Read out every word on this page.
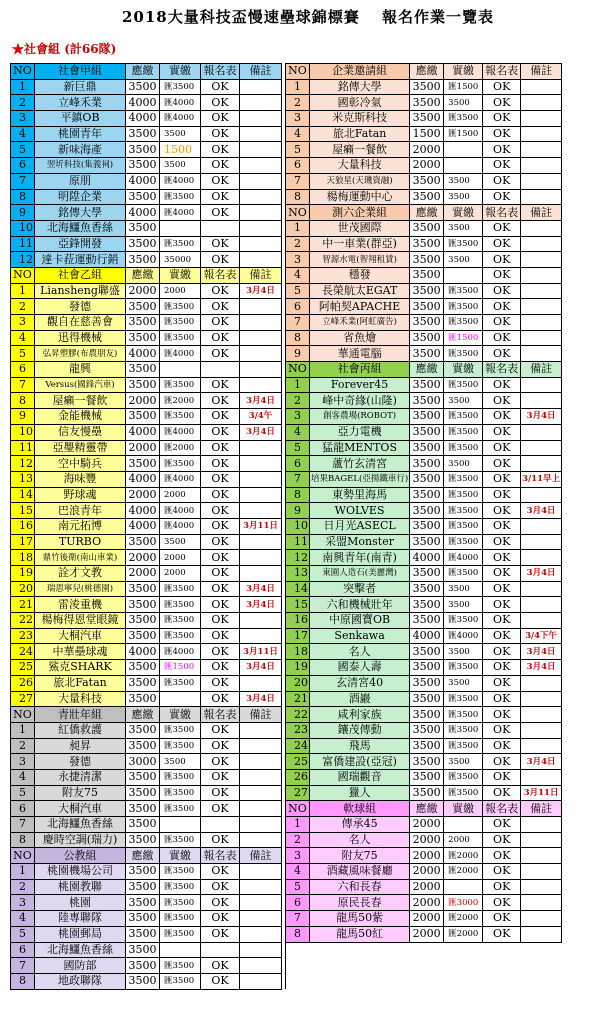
2018大量科技盃慢速壘球錦標賽　 報名作業一覽表
★社會組 (計66隊)
NO	社會甲組	應繳	實繳	報名表	備註		NO	企業邀請組	應繳	實繳	報名表	備註
1	新巨鼎	3500	匯3500	OK			1	銘傳大學	3500	匯1500	OK	
2	立峰禾業	4000	匯4000	OK			2	國彰冷氣	3500	3500	OK	
3	平鎮OB	4000	匯4000	OK			3	米克斯科技	3500	匯3500	OK	
4	桃園青年	3500	3500	OK			4	旅北Fatan	1500	匯1500	OK	
5	新味海產	3500	1500	OK			5	屋癩一餐飲	2000		OK	
6	翌圻科技(集義祠)	3500	3500	OK			6	大量科技	2000		OK	
7	原朋	4000	匯4000	OK			7	天狼星(天璣資融)	3500	3500	OK	
8	明陞企業	3500	匯3500	OK			8	楊梅運動中心	3500	3500	OK	
9	銘傳大學	4000	匯4000	OK			NO	測六企業組	應繳	實繳	報名表	備註
10	北海鱷魚香絲	3500					1	世茂國際	3500	3500	OK	
11	亞鋒開發	3500	匯3500	OK			2	中一車業(群亞)	3500	匯3500	OK	
12	達卡菈運動行銷	3500	35000	OK			3	智源水電(智翔租賃)	3500	3500	OK	
NO	社會乙組	應繳	實繳	報名表	備註		4	穩發	3500		OK	
1	Liansheng聯盛	2000	2000	OK	3月4日		5	長榮航太EGAT	3500	匯3500	OK	
2	發德	3500	匯3500	OK			6	阿帕契APACHE	3500	匯3500	OK	
3	觀自在慈善會	3500	匯3500	OK			7	立峰禾業(阿虹廣告)	3500	匯3500	OK	
4	迅得機械	3500	匯3500	OK			8	省魚燴	3500	匯1500	OK	
5	弘昇塑膠(布農朋友)	4000	匯4000	OK			9	華通電腦	3500	匯3500	OK	
6	龍興	3500					NO	社會丙組	應繳	實繳	報名表	備註
7	Versus(國鋒汽車)	3500	匯3500	OK			1	Forever45	3500	匯3500	OK	
8	屋癩一餐飲	2000	匯2000	OK	3月4日		2	峰中奇緣(山隆)	3500	3500	OK	
9	金能機械	3500	匯3500	OK	3/4午		3	創客農場(ROBOT)	3500	匯3500	OK	3月4日
10	信友慢壘	4000	匯4000	OK	3月4日		4	亞力電機	3500	匯3500	OK	
11	亞璺精靈帶	2000	匯2000	OK			5	猛龍MENTOS	3500	匯3500	OK	
12	空中騎兵	3500	匯3500	OK			6	蘆竹玄清宮	3500	3500	OK	
13	海味豐	4000	匯4000	OK			7	培果BAGEL(亞揚鐵車行)	3500	匯3500	OK	3/11早上
14	野球魂	2000	2000	OK			8	東勢里海馬	3500	匯3500	OK	
15	巴浪青年	4000	匯4000	OK			9	WOLVES	3500	匯3500	OK	3月4日
16	南元拓博	4000	匯4000	OK	3月11日		10	日月光ASECL	3500	匯3500	OK	
17	TURBO	3500	3500	OK			11	采盟Monster	3500	匯3500	OK	
18	鼎竹後衛(南山車業)	2000	2000	OK			12	南興青年(南青)	4000	匯4000	OK	
19	詮才文教	2000	2000	OK			13	東園人造石(美麗灣)	3500	匯3500	OK	3月4日
20	瑞恩寧兒(桃德園)	3500	匯3500	OK	3月4日		14	突擊者	3500	3500	OK	
21	雷淩重機	3500	匯3500	OK	3月4日		15	六和機械壯年	3500	3500	OK	
22	楊梅得恩堂眼鏡	3500	匯3500	OK			16	中原國寶OB	3500	匯3500	OK	
23	大桐汽車	3500	匯3500	OK			17	Senkawa	4000	匯4000	OK	3/4下午
24	中華壘球魂	4000	匯4000	OK	3月11日		18	名人	3500	3500	OK	3月4日
25	鯊克SHARK	3500	匯1500	OK	3月4日		19	國泰人壽	3500	匯3500	OK	3月4日
26	旅北Fatan	3500	匯3500	OK			20	玄清宮40	3500	3500	OK	
27	大量科技	3500		OK	3月4日		21	酒巖	3500	匯3500	OK	
NO	青壯年組	應繳	實繳	報名表	備註		22	咸利家族	3500	匯3500	OK	
1	紅僑救護	3500	匯3500	OK			23	鑲茂傳動	3500	匯3500	OK	
2	昶昇	3500	匯3500	OK			24	飛馬	3500	匯3500	OK	
3	發德	3000	3500	OK			25	富僑建設(亞冠)	3500	3500	OK	3月4日
4	永捷清潔	3500	匯3500	OK			26	國瑞觀音	3500	匯3500	OK	
5	附友75	3500	匯3500	OK			27	獵人	3500	匯3500	OK	3月11日
6	大桐汽車	3500	匯3500	OK			NO	軟球組	應繳	實繳	報名表	備註
7	北海鱷魚香絲	3500					1	傳承45	2000		OK	
8	慶時空調(瑞力)	3500	匯3500	OK			2	名人	2000	2000	OK	
NO	公教組	應繳	實繳	報名表	備註		3	附友75	2000	匯2000	OK	
1	桃園機場公司	3500	匯3500	OK			4	酒藏風味餐廳	2000	匯2000	OK	
2	桃園教聯	3500	匯3500	OK			5	六和長春	2000		OK	
3	桃園	3500	匯3500	OK			6	原民長春	2000	匯3000	OK	
4	陸專聯隊	3500	匯3500	OK			7	龍馬50紫	2000	匯2000	OK	
5	桃園郵局	3500	匯3500	OK			8	龍馬50紅	2000	匯2000	OK	
6	北海鱷魚香絲	3500										
7	國防部	3500	匯3500	OK								
8	地政聯隊	3500	匯3500	OK								
